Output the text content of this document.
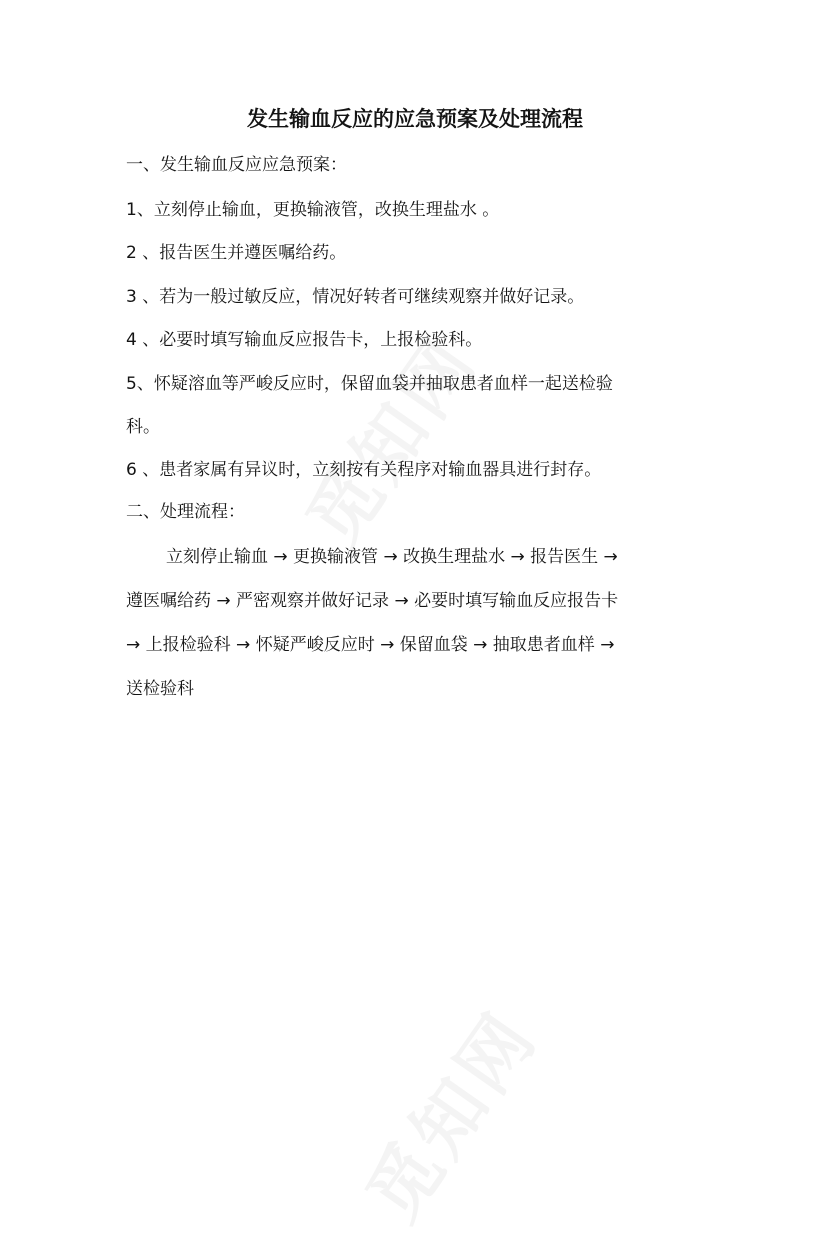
发生输血反应的应急预案及处理流程
一、发生输血反应应急预案：
1、立刻停止输血，更换输液管，改换生理盐水 。
2 、报告医生并遵医嘱给药。
3 、若为一般过敏反应，情况好转者可继续观察并做好记录。
4 、必要时填写输血反应报告卡，上报检验科。
5、怀疑溶血等严峻反应时，保留血袋并抽取患者血样一起送检验
科。
6 、患者家属有异议时，立刻按有关程序对输血器具进行封存。
二、处理流程：
立刻停止输血 → 更换输液管 → 改换生理盐水 → 报告医生 →
遵医嘱给药 → 严密观察并做好记录 → 必要时填写输血反应报告卡
→ 上报检验科 → 怀疑严峻反应时 → 保留血袋 → 抽取患者血样 →
送检验科
